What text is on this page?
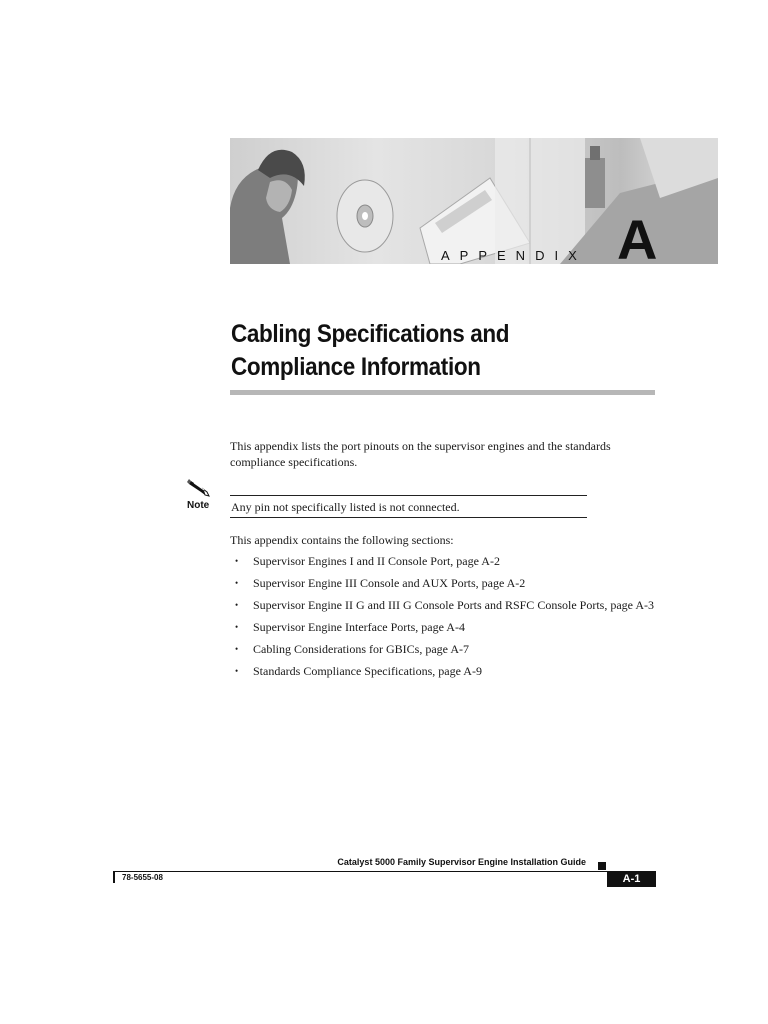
APPENDIX A
Cabling Specifications and
Compliance Information
This appendix lists the port pinouts on the supervisor engines and the standards compliance specifications.
Note Any pin not specifically listed is not connected.
This appendix contains the following sections:
• Supervisor Engines I and II Console Port, page A-2
• Supervisor Engine III Console and AUX Ports, page A-2
• Supervisor Engine II G and III G Console Ports and RSFC Console Ports, page A-3
• Supervisor Engine Interface Ports, page A-4
• Cabling Considerations for GBICs, page A-7
• Standards Compliance Specifications, page A-9
Catalyst 5000 Family Supervisor Engine Installation Guide
78-5655-08	A-1
